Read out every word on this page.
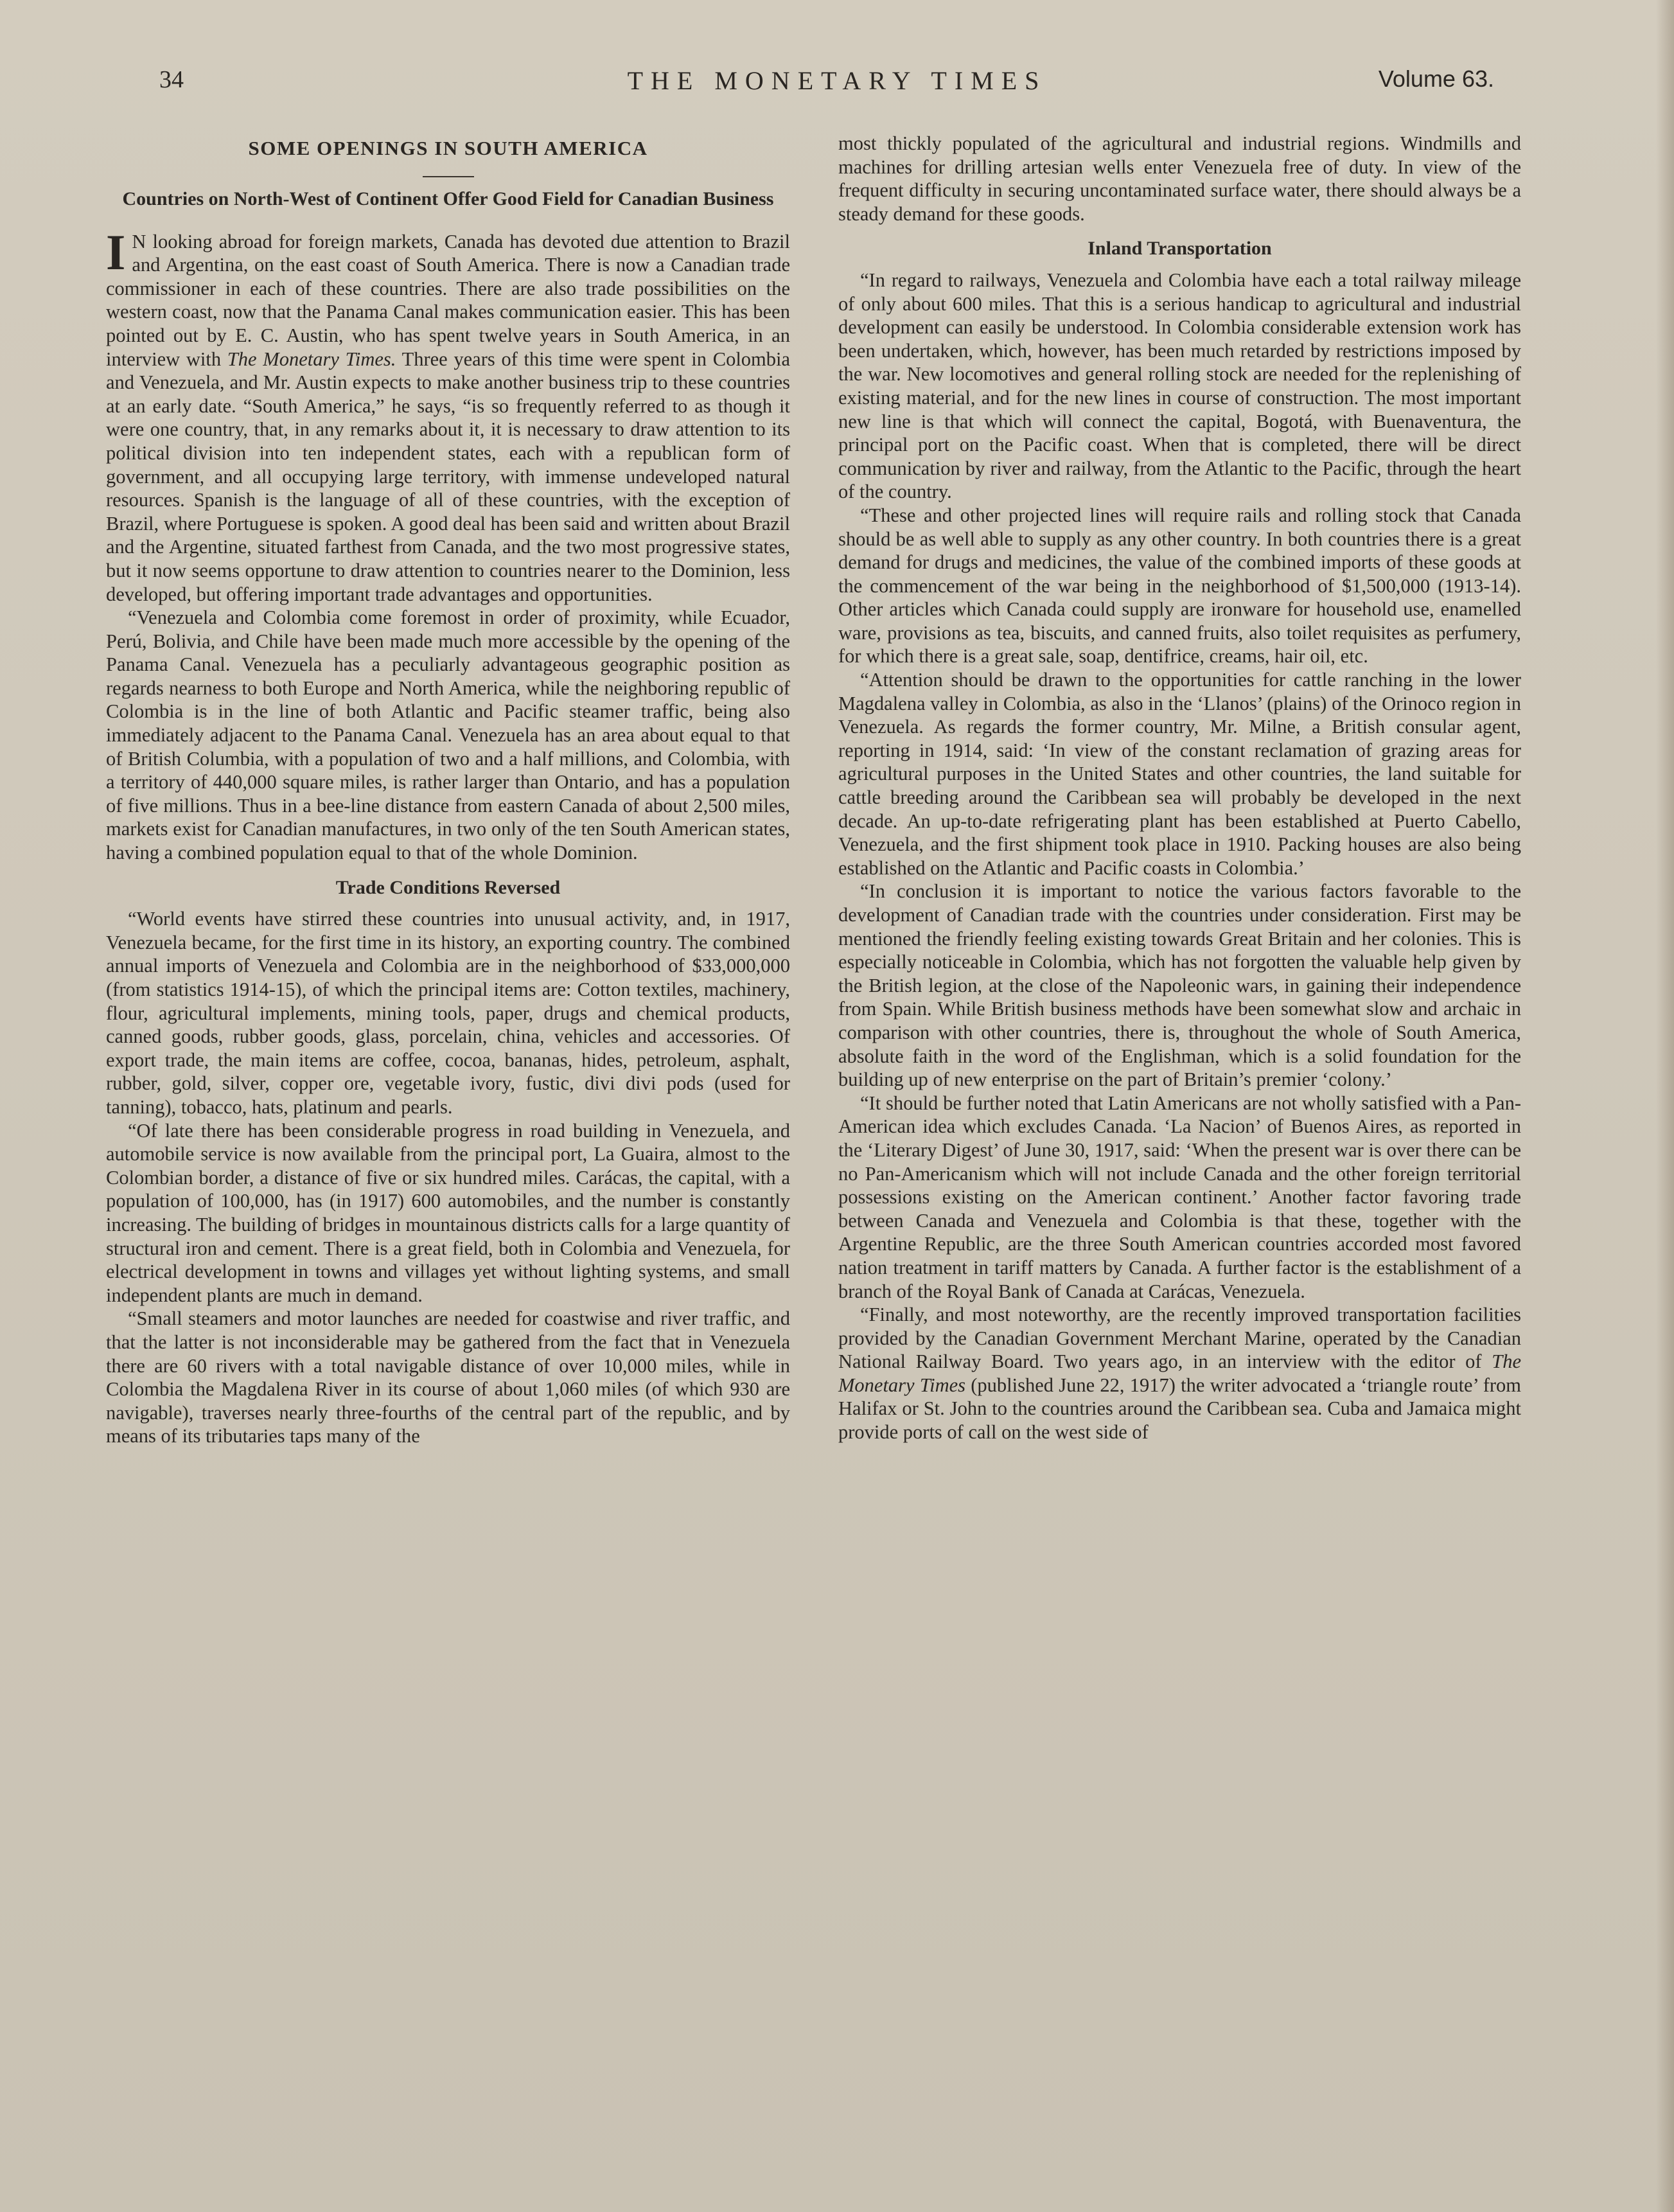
34	THE MONETARY TIMES	Volume 63.
SOME OPENINGS IN SOUTH AMERICA
Countries on North-West of Continent Offer Good Field for Canadian Business

I N looking abroad for foreign markets, Canada has devoted due attention to Brazil and Argentina, on the east coast of South America. There is now a Canadian trade commissioner in each of these countries. There are also trade possibilities on the western coast, now that the Panama Canal makes communication easier. This has been pointed out by E. C. Austin, who has spent twelve years in South America, in an interview with The Monetary Times. Three years of this time were spent in Colombia and Venezuela, and Mr. Austin expects to make another business trip to these countries at an early date. “South America,” he says, “is so frequently referred to as though it were one country, that, in any remarks about it, it is necessary to draw attention to its political division into ten independent states, each with a republican form of government, and all occupying large territory, with immense undeveloped natural resources. Spanish is the language of all of these countries, with the exception of Brazil, where Portuguese is spoken. A good deal has been said and written about Brazil and the Argentine, situated farthest from Canada, and the two most progressive states, but it now seems opportune to draw attention to countries nearer to the Dominion, less developed, but offering important trade advantages and opportunities.

“Venezuela and Colombia come foremost in order of proximity, while Ecuador, Perú, Bolivia, and Chile have been made much more accessible by the opening of the Panama Canal. Venezuela has a peculiarly advantageous geographic position as regards nearness to both Europe and North America, while the neighboring republic of Colombia is in the line of both Atlantic and Pacific steamer traffic, being also immediately adjacent to the Panama Canal. Venezuela has an area about equal to that of British Columbia, with a population of two and a half millions, and Colombia, with a territory of 440,000 square miles, is rather larger than Ontario, and has a population of five millions. Thus in a bee-line distance from eastern Canada of about 2,500 miles, markets exist for Canadian manufactures, in two only of the ten South American states, having a combined population equal to that of the whole Dominion.

Trade Conditions Reversed

“World events have stirred these countries into unusual activity, and, in 1917, Venezuela became, for the first time in its history, an exporting country. The combined annual imports of Venezuela and Colombia are in the neighborhood of $33,000,000 (from statistics 1914-15), of which the principal items are: Cotton textiles, machinery, flour, agricultural implements, mining tools, paper, drugs and chemical products, canned goods, rubber goods, glass, porcelain, china, vehicles and accessories. Of export trade, the main items are coffee, cocoa, bananas, hides, petroleum, asphalt, rubber, gold, silver, copper ore, vegetable ivory, fustic, divi divi pods (used for tanning), tobacco, hats, platinum and pearls.

“Of late there has been considerable progress in road building in Venezuela, and automobile service is now available from the principal port, La Guaira, almost to the Colombian border, a distance of five or six hundred miles. Carácas, the capital, with a population of 100,000, has (in 1917) 600 automobiles, and the number is constantly increasing. The building of bridges in mountainous districts calls for a large quantity of structural iron and cement. There is a great field, both in Colombia and Venezuela, for electrical development in towns and villages yet without lighting systems, and small independent plants are much in demand.

“Small steamers and motor launches are needed for coastwise and river traffic, and that the latter is not inconsiderable may be gathered from the fact that in Venezuela there are 60 rivers with a total navigable distance of over 10,000 miles, while in Colombia the Magdalena River in its course of about 1,060 miles (of which 930 are navigable), traverses nearly three-fourths of the central part of the republic, and by means of its tributaries taps many of the

most thickly populated of the agricultural and industrial regions. Windmills and machines for drilling artesian wells enter Venezuela free of duty. In view of the frequent difficulty in securing uncontaminated surface water, there should always be a steady demand for these goods.

Inland Transportation

“In regard to railways, Venezuela and Colombia have each a total railway mileage of only about 600 miles. That this is a serious handicap to agricultural and industrial development can easily be understood. In Colombia considerable extension work has been undertaken, which, however, has been much retarded by restrictions imposed by the war. New locomotives and general rolling stock are needed for the replenishing of existing material, and for the new lines in course of construction. The most important new line is that which will connect the capital, Bogotá, with Buenaventura, the principal port on the Pacific coast. When that is completed, there will be direct communication by river and railway, from the Atlantic to the Pacific, through the heart of the country.

“These and other projected lines will require rails and rolling stock that Canada should be as well able to supply as any other country. In both countries there is a great demand for drugs and medicines, the value of the combined imports of these goods at the commencement of the war being in the neighborhood of $1,500,000 (1913-14). Other articles which Canada could supply are ironware for household use, enamelled ware, provisions as tea, biscuits, and canned fruits, also toilet requisites as perfumery, for which there is a great sale, soap, dentifrice, creams, hair oil, etc.

“Attention should be drawn to the opportunities for cattle ranching in the lower Magdalena valley in Colombia, as also in the ‘Llanos’ (plains) of the Orinoco region in Venezuela. As regards the former country, Mr. Milne, a British consular agent, reporting in 1914, said: ‘In view of the constant reclamation of grazing areas for agricultural purposes in the United States and other countries, the land suitable for cattle breeding around the Caribbean sea will probably be developed in the next decade. An up-to-date refrigerating plant has been established at Puerto Cabello, Venezuela, and the first shipment took place in 1910. Packing houses are also being established on the Atlantic and Pacific coasts in Colombia.’

“In conclusion it is important to notice the various factors favorable to the development of Canadian trade with the countries under consideration. First may be mentioned the friendly feeling existing towards Great Britain and her colonies. This is especially noticeable in Colombia, which has not forgotten the valuable help given by the British legion, at the close of the Napoleonic wars, in gaining their independence from Spain. While British business methods have been somewhat slow and archaic in comparison with other countries, there is, throughout the whole of South America, absolute faith in the word of the Englishman, which is a solid foundation for the building up of new enterprise on the part of Britain’s premier ‘colony.’

“It should be further noted that Latin Americans are not wholly satisfied with a Pan-American idea which excludes Canada. ‘La Nacion’ of Buenos Aires, as reported in the ‘Literary Digest’ of June 30, 1917, said: ‘When the present war is over there can be no Pan-Americanism which will not include Canada and the other foreign territorial possessions existing on the American continent.’ Another factor favoring trade between Canada and Venezuela and Colombia is that these, together with the Argentine Republic, are the three South American countries accorded most favored nation treatment in tariff matters by Canada. A further factor is the establishment of a branch of the Royal Bank of Canada at Carácas, Venezuela.

“Finally, and most noteworthy, are the recently improved transportation facilities provided by the Canadian Government Merchant Marine, operated by the Canadian National Railway Board. Two years ago, in an interview with the editor of The Monetary Times (published June 22, 1917) the writer advocated a ‘triangle route’ from Halifax or St. John to the countries around the Caribbean sea. Cuba and Jamaica might provide ports of call on the west side of
